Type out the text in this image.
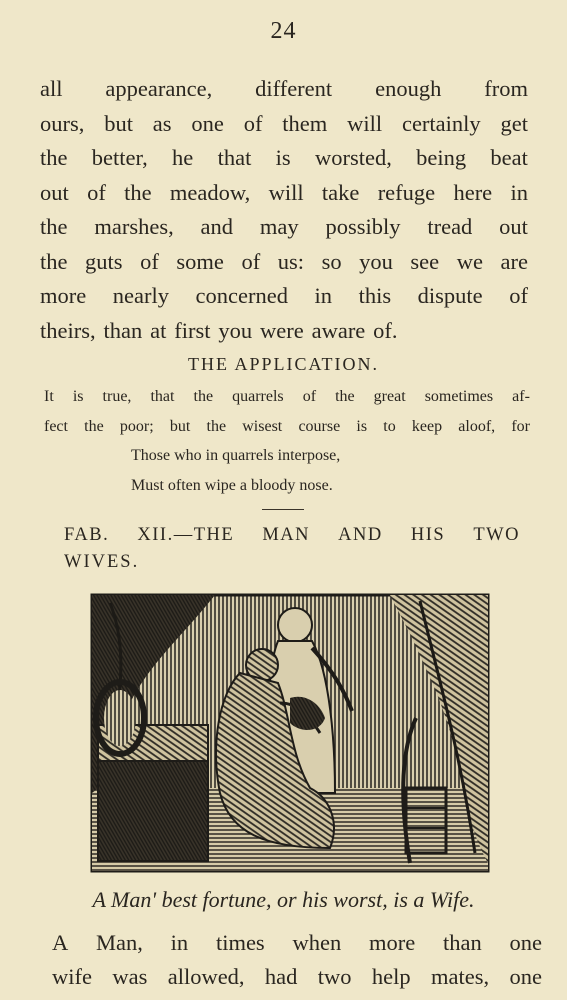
24
all appearance, different enough from
ours, but as one of them will certainly get
the better, he that is worsted, being beat
out of the meadow, will take refuge here in
the marshes, and may possibly tread out
the guts of some of us: so you see we are
more nearly concerned in this dispute of
theirs, than at first you were aware of.
THE APPLICATION.
It is true, that the quarrels of the great sometimes af-
fect the poor; but the wisest course is to keep aloof, for
Those who in quarrels interpose,
Must often wipe a bloody nose.
FAB. XII.—THE MAN AND HIS TWO
WIVES.
A Man' best fortune, or his worst, is a Wife.
A Man, in times when more than one
wife was allowed, had two help mates, one
